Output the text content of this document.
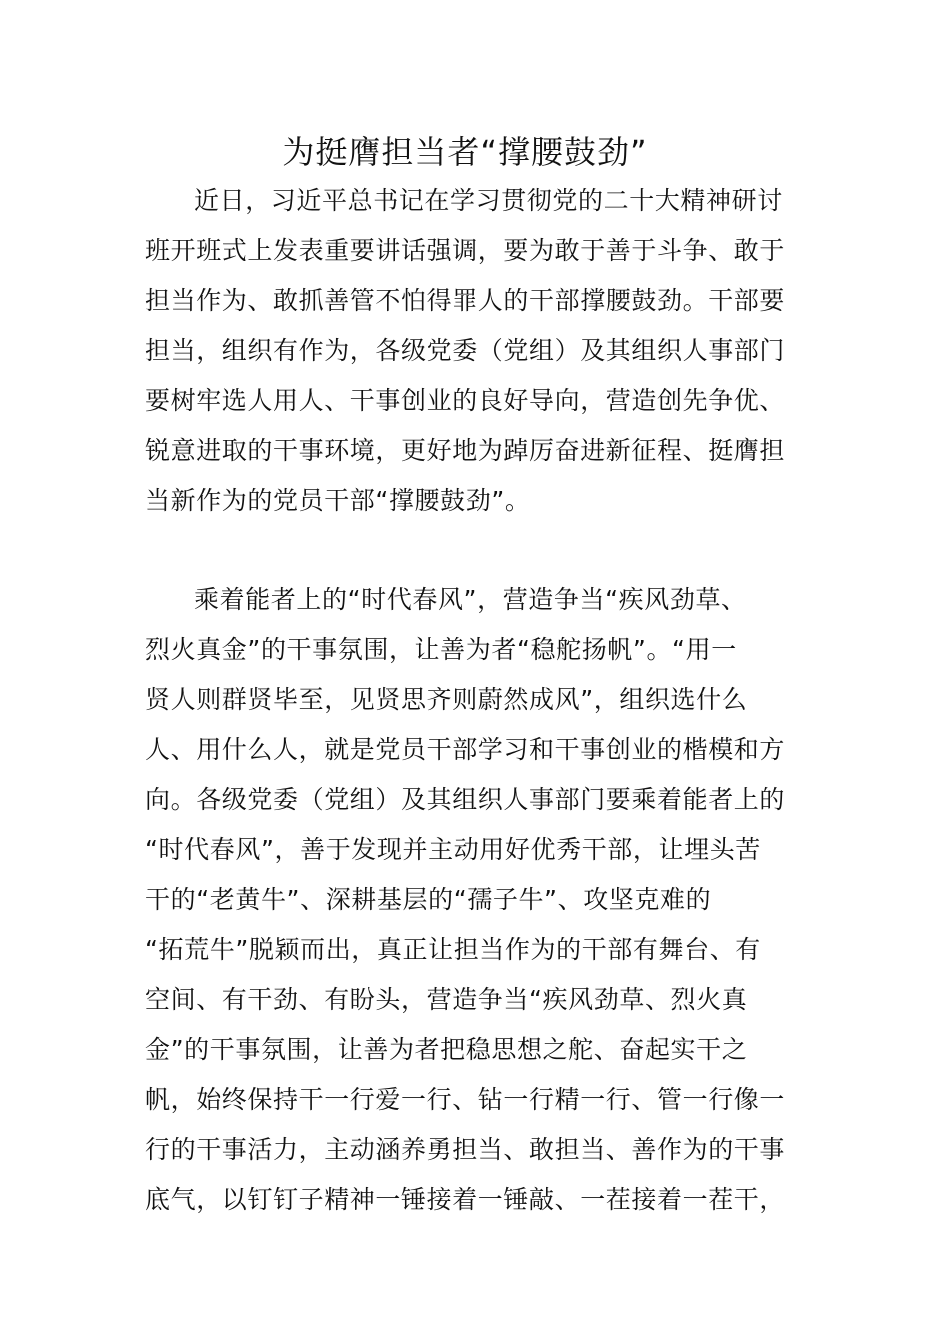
为挺膺担当者“撑腰鼓劲”
近日，习近平总书记在学习贯彻党的二十大精神研讨
班开班式上发表重要讲话强调，要为敢于善于斗争、敢于
担当作为、敢抓善管不怕得罪人的干部撑腰鼓劲。干部要
担当，组织有作为，各级党委（党组）及其组织人事部门
要树牢选人用人、干事创业的良好导向，营造创先争优、
锐意进取的干事环境，更好地为踔厉奋进新征程、挺膺担
当新作为的党员干部“撑腰鼓劲”。
乘着能者上的“时代春风”，营造争当“疾风劲草、
烈火真金”的干事氛围，让善为者“稳舵扬帆”。“用一
贤人则群贤毕至，见贤思齐则蔚然成风”，组织选什么
人、用什么人，就是党员干部学习和干事创业的楷模和方
向。各级党委（党组）及其组织人事部门要乘着能者上的
“时代春风”，善于发现并主动用好优秀干部，让埋头苦
干的“老黄牛”、深耕基层的“孺子牛”、攻坚克难的
“拓荒牛”脱颖而出，真正让担当作为的干部有舞台、有
空间、有干劲、有盼头，营造争当“疾风劲草、烈火真
金”的干事氛围，让善为者把稳思想之舵、奋起实干之
帆，始终保持干一行爱一行、钻一行精一行、管一行像一
行的干事活力，主动涵养勇担当、敢担当、善作为的干事
底气，以钉钉子精神一锤接着一锤敲、一茬接着一茬干，
